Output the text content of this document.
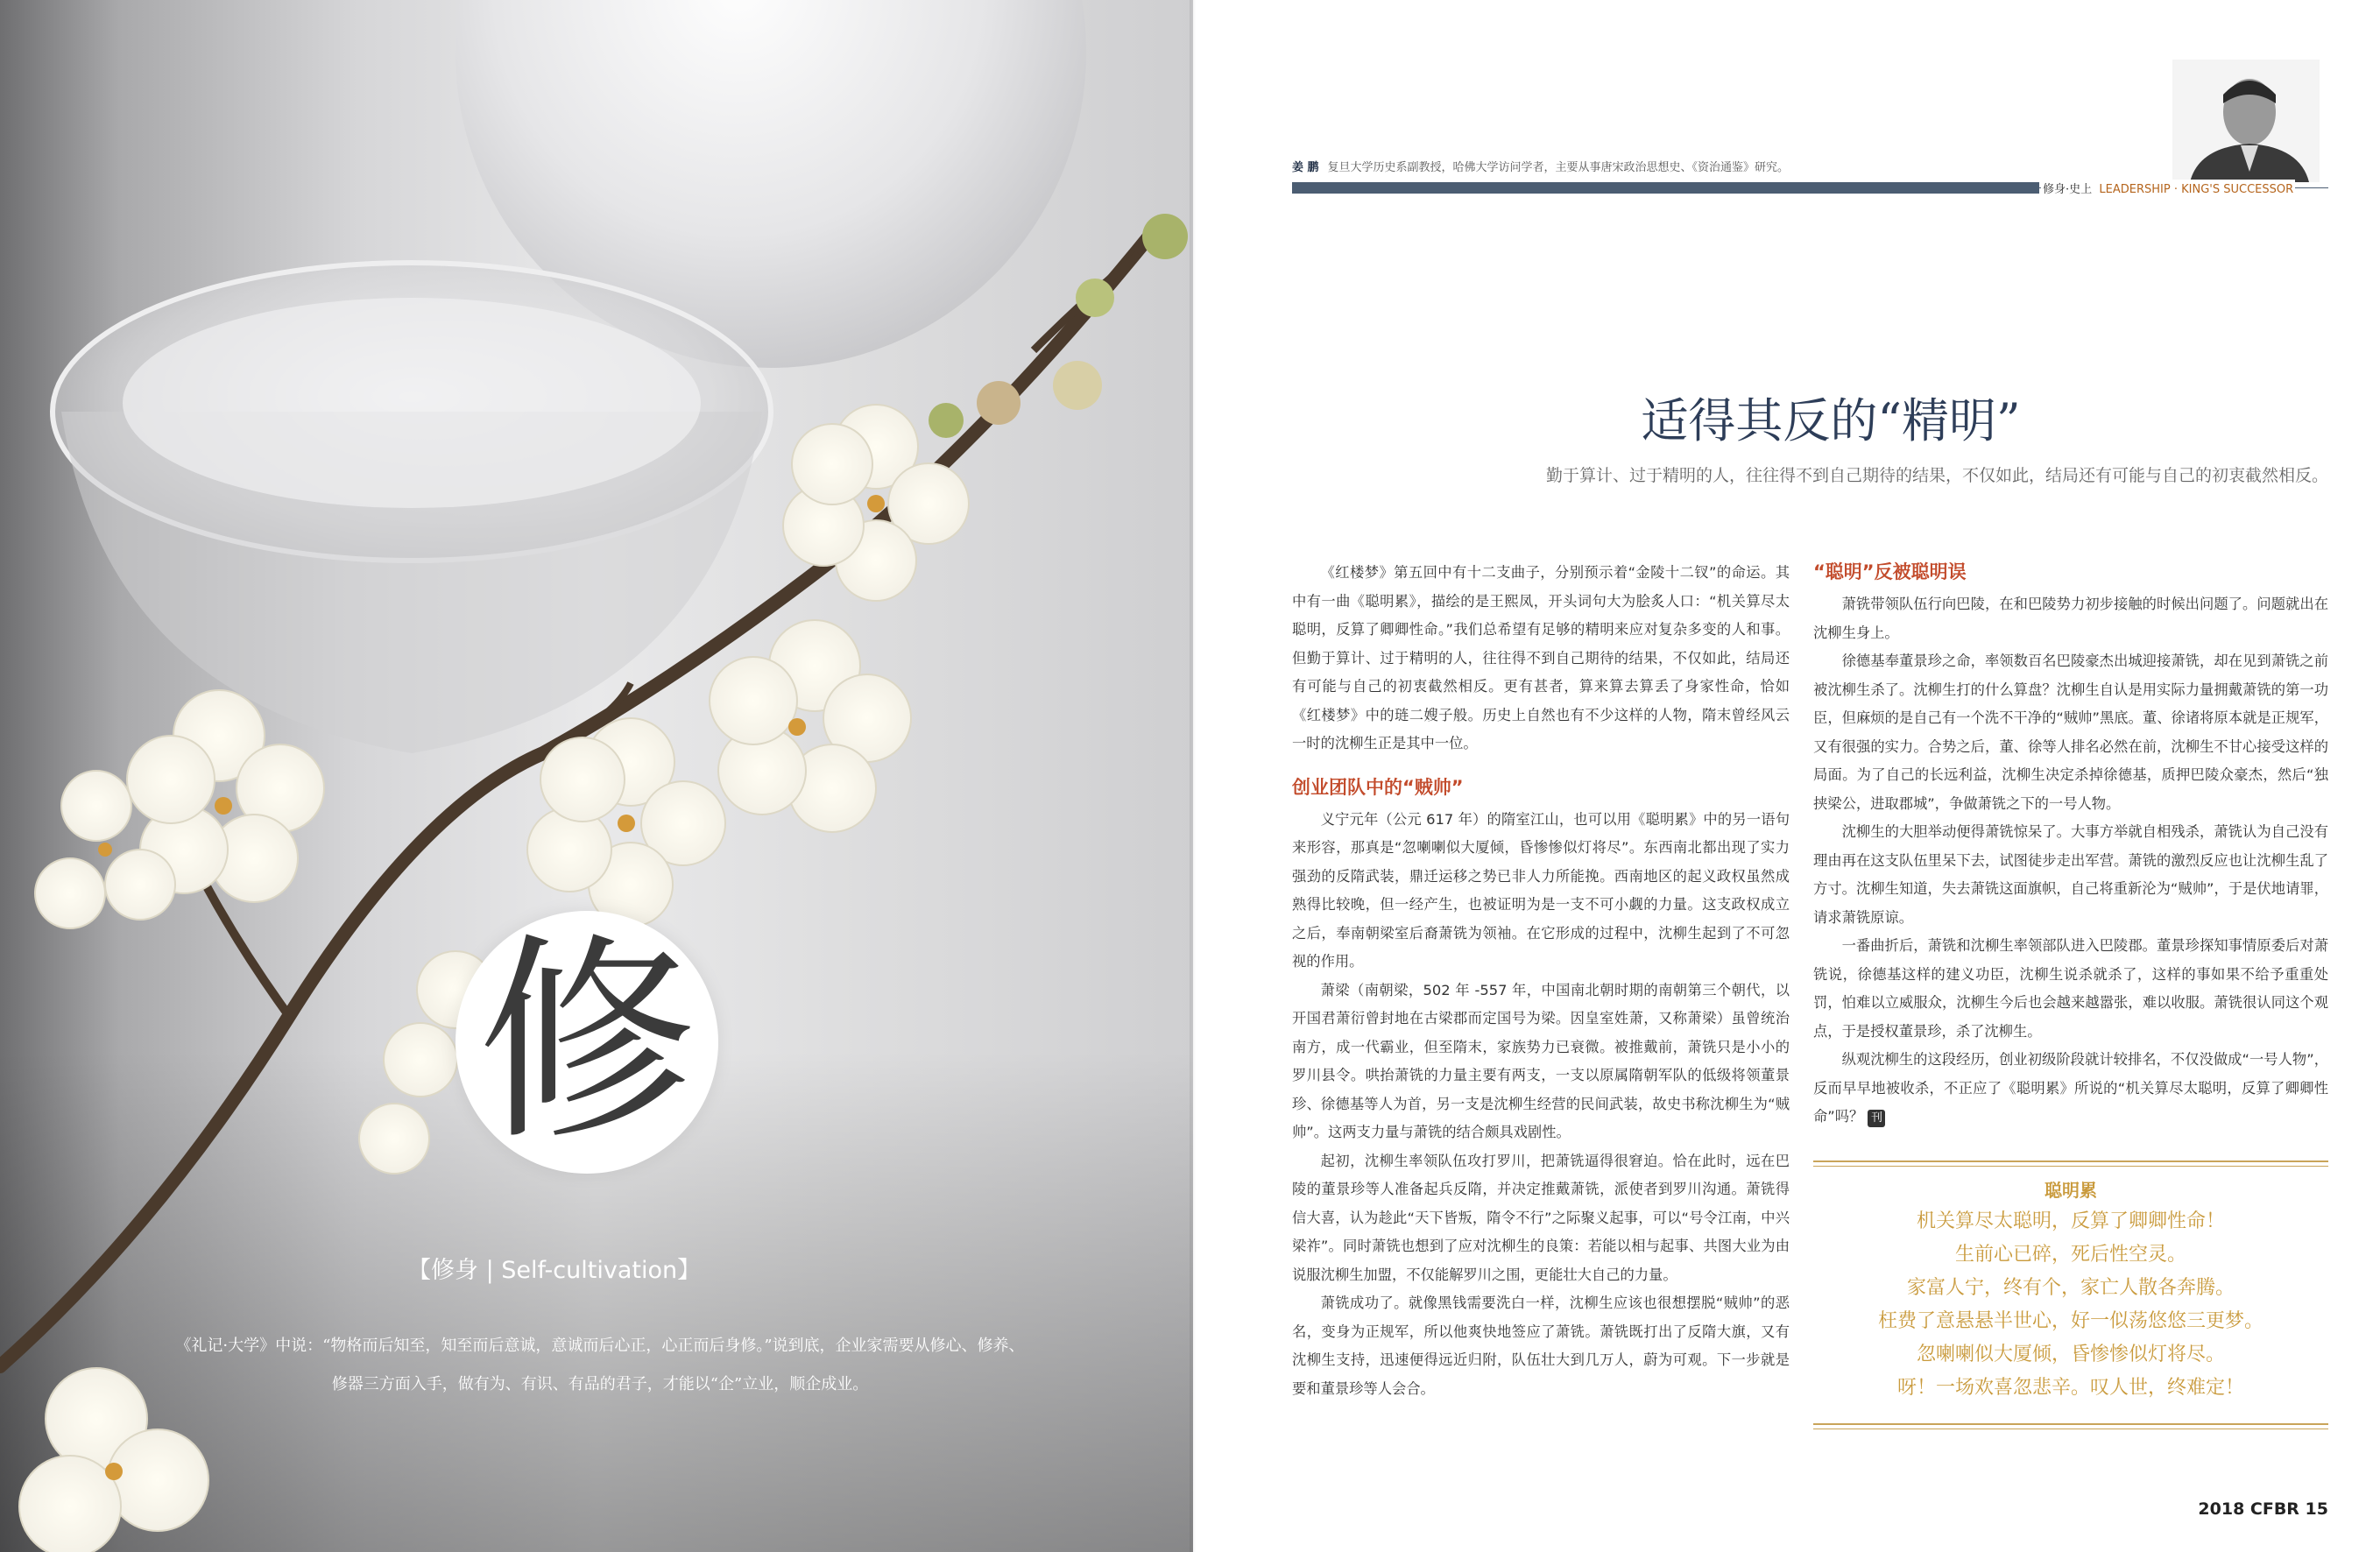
修
【修身 | Self-cultivation】
《礼记·大学》中说：“物格而后知至，知至而后意诚，意诚而后心正，心正而后身修。”说到底，企业家需要从修心、修养、
修器三方面入手，做有为、有识、有品的君子，才能以“企”立业，顺企成业。
姜 鹏 复旦大学历史系副教授，哈佛大学访问学者，主要从事唐宋政治思想史、《资治通鉴》研究。
修身·史上 LEADERSHIP · KING'S SUCCESSOR
适得其反的“精明”
勤于算计、过于精明的人，往往得不到自己期待的结果，不仅如此，结局还有可能与自己的初衷截然相反。

《红楼梦》第五回中有十二支曲子，分别预示着“金陵十二钗”的命运。其中有一曲《聪明累》，描绘的是王熙凤，开头词句大为脍炙人口：“机关算尽太聪明，反算了卿卿性命。”我们总希望有足够的精明来应对复杂多变的人和事。但勤于算计、过于精明的人，往往得不到自己期待的结果，不仅如此，结局还有可能与自己的初衷截然相反。更有甚者，算来算去算丢了身家性命，恰如《红楼梦》中的琏二嫂子般。历史上自然也有不少这样的人物，隋末曾经风云一时的沈柳生正是其中一位。

创业团队中的“贼帅”

义宁元年（公元 617 年）的隋室江山，也可以用《聪明累》中的另一语句来形容，那真是“忽喇喇似大厦倾，昏惨惨似灯将尽”。东西南北都出现了实力强劲的反隋武装，鼎迁运移之势已非人力所能挽。西南地区的起义政权虽然成熟得比较晚，但一经产生，也被证明为是一支不可小觑的力量。这支政权成立之后，奉南朝梁室后裔萧铣为领袖。在它形成的过程中，沈柳生起到了不可忽视的作用。

萧梁（南朝梁，502 年 -557 年，中国南北朝时期的南朝第三个朝代，以开国君萧衍曾封地在古梁郡而定国号为梁。因皇室姓萧，又称萧梁）虽曾统治南方，成一代霸业，但至隋末，家族势力已衰微。被推戴前，萧铣只是小小的罗川县令。哄抬萧铣的力量主要有两支，一支以原属隋朝军队的低级将领董景珍、徐德基等人为首，另一支是沈柳生经营的民间武装，故史书称沈柳生为“贼帅”。这两支力量与萧铣的结合颇具戏剧性。

起初，沈柳生率领队伍攻打罗川，把萧铣逼得很窘迫。恰在此时，远在巴陵的董景珍等人准备起兵反隋，并决定推戴萧铣，派使者到罗川沟通。萧铣得信大喜，认为趁此“天下皆叛，隋令不行”之际聚义起事，可以“号令江南，中兴梁祚”。同时萧铣也想到了应对沈柳生的良策：若能以相与起事、共图大业为由说服沈柳生加盟，不仅能解罗川之围，更能壮大自己的力量。

萧铣成功了。就像黑钱需要洗白一样，沈柳生应该也很想摆脱“贼帅”的恶名，变身为正规军，所以他爽快地签应了萧铣。萧铣既打出了反隋大旗，又有沈柳生支持，迅速便得远近归附，队伍壮大到几万人，蔚为可观。下一步就是要和董景珍等人会合。

“聪明”反被聪明误

萧铣带领队伍行向巴陵，在和巴陵势力初步接触的时候出问题了。问题就出在沈柳生身上。

徐德基奉董景珍之命，率领数百名巴陵豪杰出城迎接萧铣，却在见到萧铣之前被沈柳生杀了。沈柳生打的什么算盘？沈柳生自认是用实际力量拥戴萧铣的第一功臣，但麻烦的是自己有一个洗不干净的“贼帅”黑底。董、徐诸将原本就是正规军，又有很强的实力。合势之后，董、徐等人排名必然在前，沈柳生不甘心接受这样的局面。为了自己的长远利益，沈柳生决定杀掉徐德基，质押巴陵众豪杰，然后“独挟梁公，进取郡城”，争做萧铣之下的一号人物。

沈柳生的大胆举动便得萧铣惊呆了。大事方举就自相残杀，萧铣认为自己没有理由再在这支队伍里呆下去，试图徒步走出军营。萧铣的激烈反应也让沈柳生乱了方寸。沈柳生知道，失去萧铣这面旗帜，自己将重新沦为“贼帅”，于是伏地请罪，请求萧铣原谅。

一番曲折后，萧铣和沈柳生率领部队进入巴陵郡。董景珍探知事情原委后对萧铣说，徐德基这样的建义功臣，沈柳生说杀就杀了，这样的事如果不给予重重处罚，怕难以立威服众，沈柳生今后也会越来越嚣张，难以收服。萧铣很认同这个观点，于是授权董景珍，杀了沈柳生。

纵观沈柳生的这段经历，创业初级阶段就计较排名，不仅没做成“一号人物”，反而早早地被收杀，不正应了《聪明累》所说的“机关算尽太聪明，反算了卿卿性命”吗？ 刊

聪明累
机关算尽太聪明，反算了卿卿性命！
生前心已碎，死后性空灵。
家富人宁，终有个，家亡人散各奔腾。
枉费了意悬悬半世心，好一似荡悠悠三更梦。
忽喇喇似大厦倾，昏惨惨似灯将尽。
呀！一场欢喜忽悲辛。叹人世，终难定！
2018 CFBR 15
